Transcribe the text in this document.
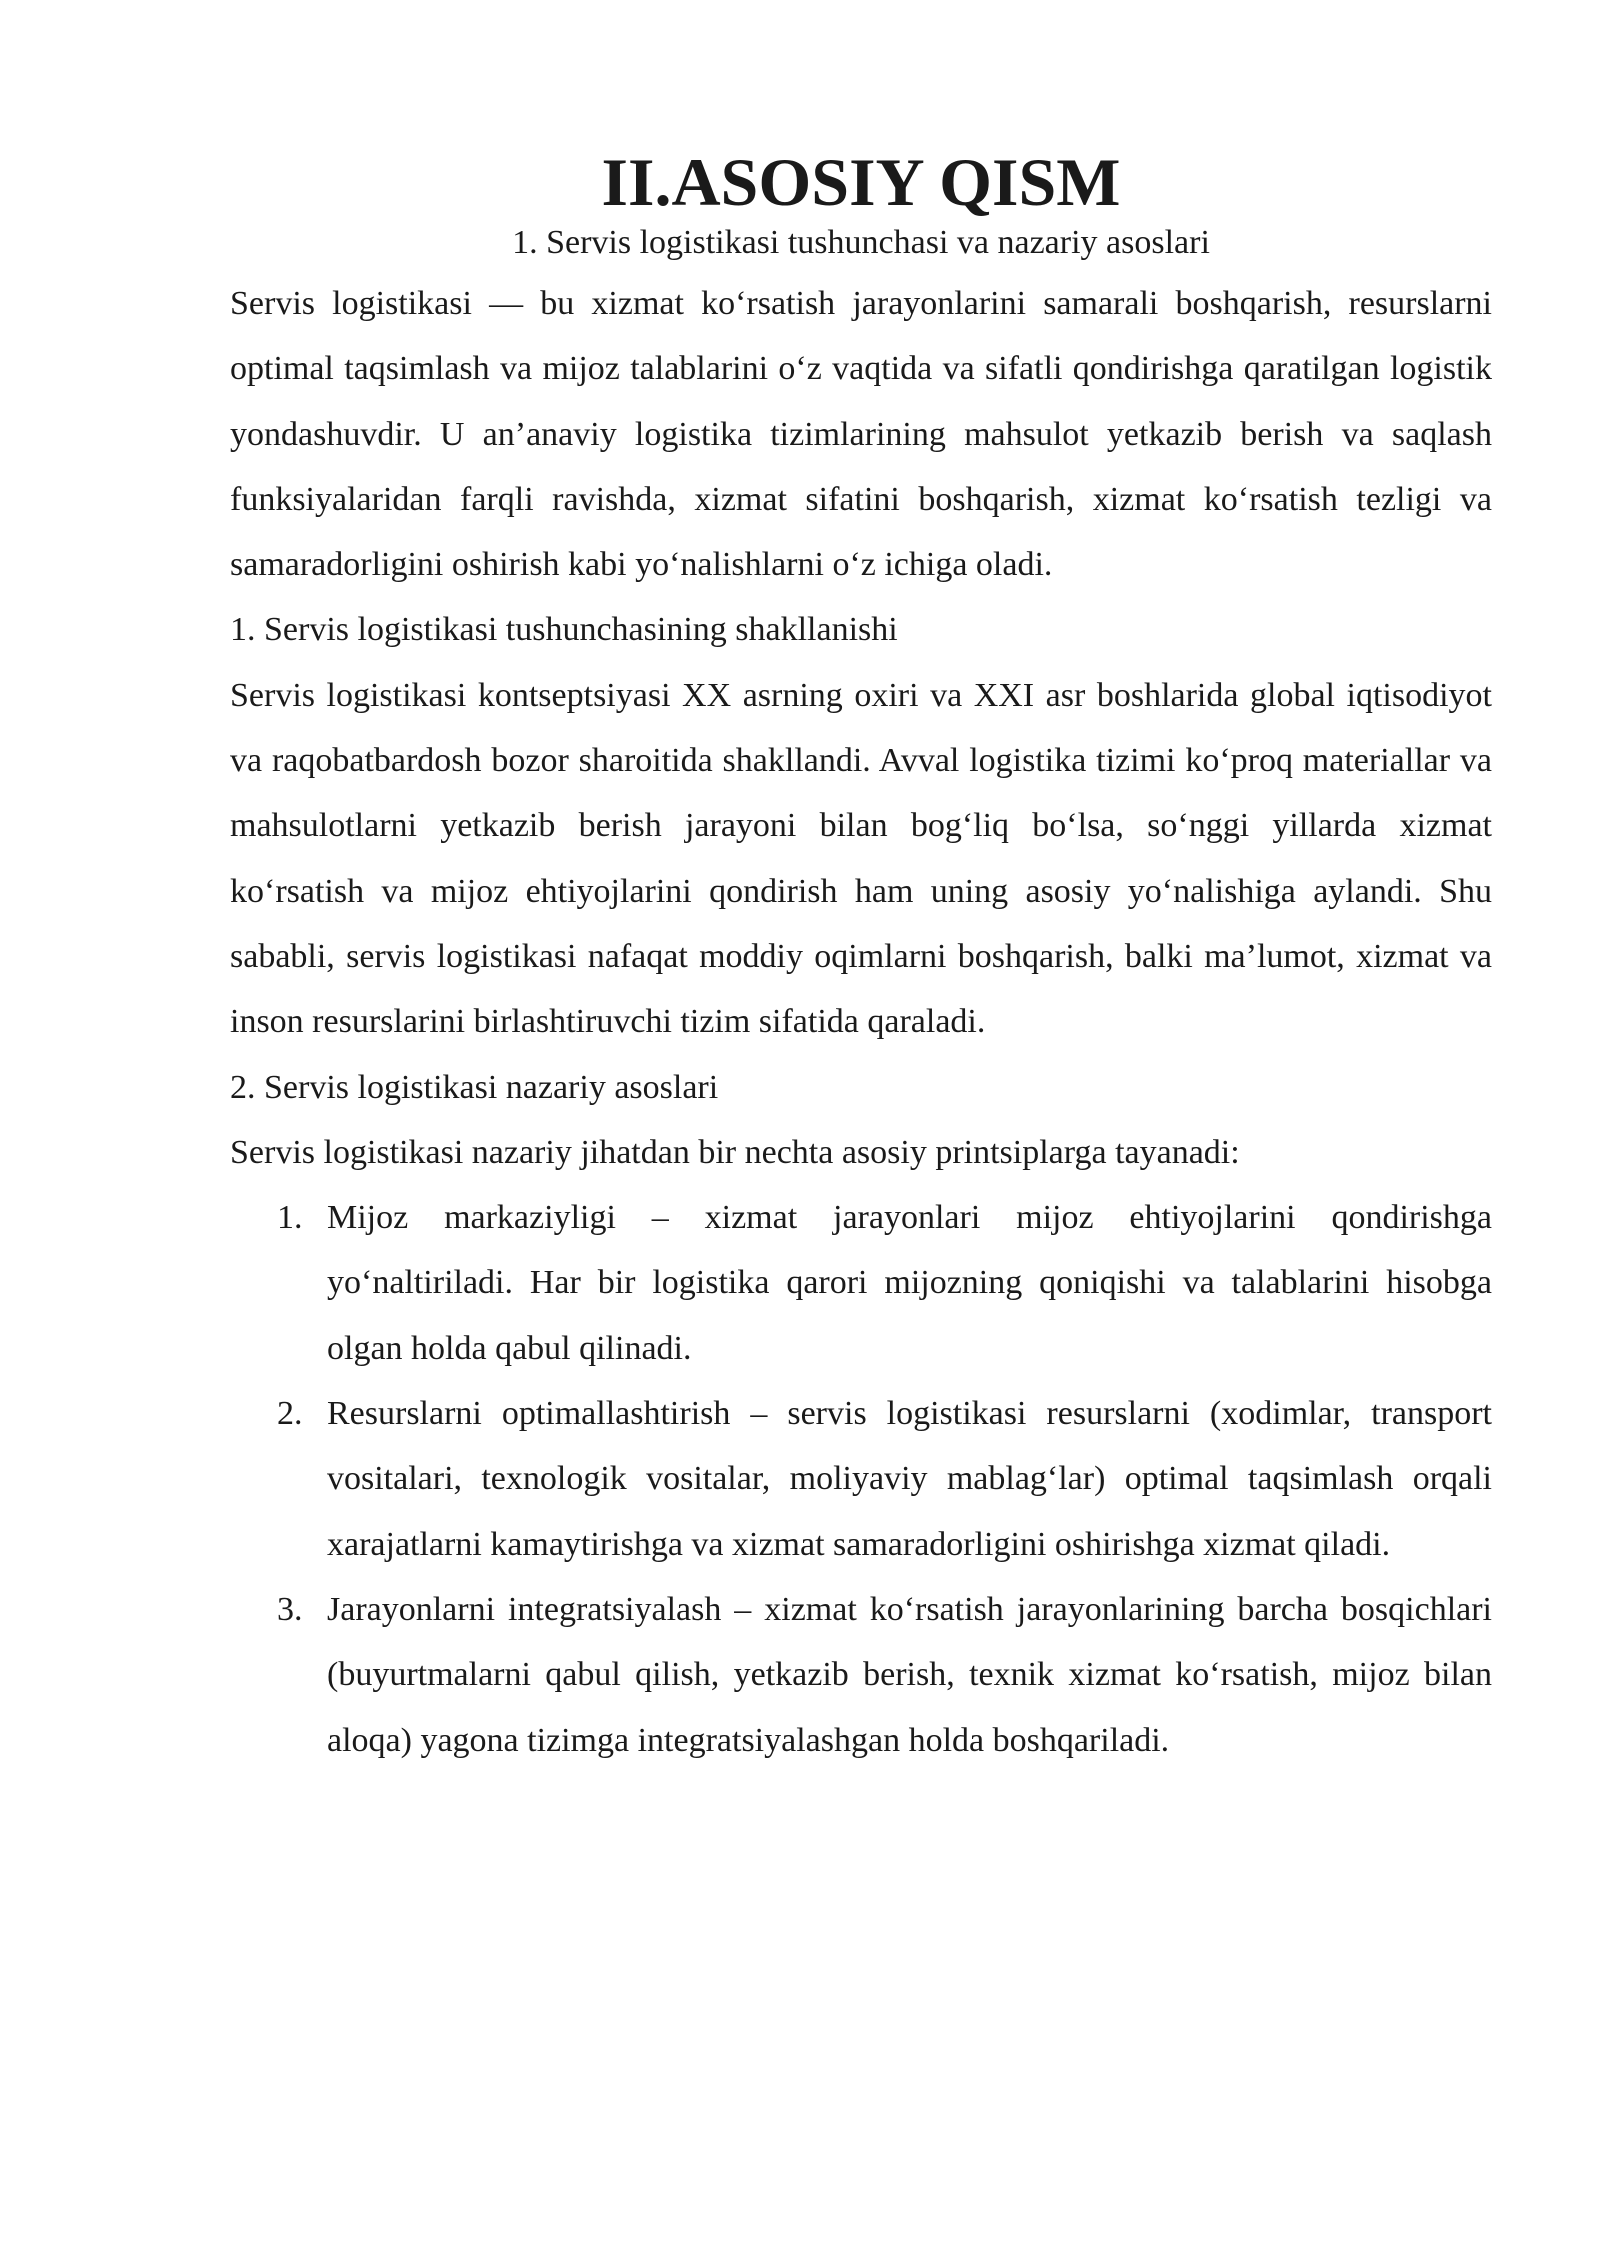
II.ASOSIY QISM

1. Servis logistikasi tushunchasi va nazariy asoslari

Servis logistikasi — bu xizmat koʻrsatish jarayonlarini samarali boshqarish, resurslarni optimal taqsimlash va mijoz talablarini oʻz vaqtida va sifatli qondirishga qaratilgan logistik yondashuvdir. U an’anaviy logistika tizimlarining mahsulot yetkazib berish va saqlash funksiyalaridan farqli ravishda, xizmat sifatini boshqarish, xizmat koʻrsatish tezligi va samaradorligini oshirish kabi yoʻnalishlarni oʻz ichiga oladi.

1. Servis logistikasi tushunchasining shakllanishi

Servis logistikasi kontseptsiyasi XX asrning oxiri va XXI asr boshlarida global iqtisodiyot va raqobatbardosh bozor sharoitida shakllandi. Avval logistika tizimi koʻproq materiallar va mahsulotlarni yetkazib berish jarayoni bilan bogʻliq boʻlsa, soʻnggi yillarda xizmat koʻrsatish va mijoz ehtiyojlarini qondirish ham uning asosiy yoʻnalishiga aylandi. Shu sababli, servis logistikasi nafaqat moddiy oqimlarni boshqarish, balki ma’lumot, xizmat va inson resurslarini birlashtiruvchi tizim sifatida qaraladi.

2. Servis logistikasi nazariy asoslari

Servis logistikasi nazariy jihatdan bir nechta asosiy printsiplarga tayanadi:

1. Mijoz markaziyligi – xizmat jarayonlari mijoz ehtiyojlarini qondirishga yoʻnaltiriladi. Har bir logistika qarori mijozning qoniqishi va talablarini hisobga olgan holda qabul qilinadi.
2. Resurslarni optimallashtirish – servis logistikasi resurslarni (xodimlar, transport vositalari, texnologik vositalar, moliyaviy mablagʻlar) optimal taqsimlash orqali xarajatlarni kamaytirishga va xizmat samaradorligini oshirishga xizmat qiladi.
3. Jarayonlarni integratsiyalash – xizmat koʻrsatish jarayonlarining barcha bosqichlari (buyurtmalarni qabul qilish, yetkazib berish, texnik xizmat koʻrsatish, mijoz bilan aloqa) yagona tizimga integratsiyalashgan holda boshqariladi.
